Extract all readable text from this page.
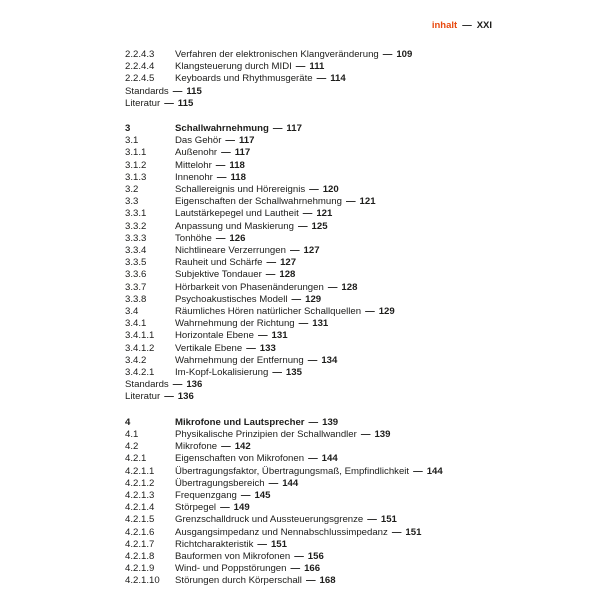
inhalt — XXI
2.2.4.3	Verfahren der elektronischen Klangveränderung — 109
2.2.4.4	Klangsteuerung durch MIDI — 111
2.2.4.5	Keyboards und Rhythmusgeräte — 114
Standards — 115
Literatur — 115
3	Schallwahrnehmung — 117
3.1	Das Gehör — 117
3.1.1	Außenohr — 117
3.1.2	Mittelohr — 118
3.1.3	Innenohr — 118
3.2	Schallereignis und Hörereignis — 120
3.3	Eigenschaften der Schallwahrnehmung — 121
3.3.1	Lautstärkepegel und Lautheit — 121
3.3.2	Anpassung und Maskierung — 125
3.3.3	Tonhöhe — 126
3.3.4	Nichtlineare Verzerrungen — 127
3.3.5	Rauheit und Schärfe — 127
3.3.6	Subjektive Tondauer — 128
3.3.7	Hörbarkeit von Phasenänderungen — 128
3.3.8	Psychoakustisches Modell — 129
3.4	Räumliches Hören natürlicher Schallquellen — 129
3.4.1	Wahrnehmung der Richtung — 131
3.4.1.1	Horizontale Ebene — 131
3.4.1.2	Vertikale Ebene — 133
3.4.2	Wahrnehmung der Entfernung — 134
3.4.2.1	Im-Kopf-Lokalisierung — 135
Standards — 136
Literatur — 136
4	Mikrofone und Lautsprecher — 139
4.1	Physikalische Prinzipien der Schallwandler — 139
4.2	Mikrofone — 142
4.2.1	Eigenschaften von Mikrofonen — 144
4.2.1.1	Übertragungsfaktor, Übertragungsmaß, Empfindlichkeit — 144
4.2.1.2	Übertragungsbereich — 144
4.2.1.3	Frequenzgang — 145
4.2.1.4	Störpegel — 149
4.2.1.5	Grenzschalldruck und Aussteuerungsgrenze — 151
4.2.1.6	Ausgangsimpedanz und Nennabschlussimpedanz — 151
4.2.1.7	Richtcharakteristik — 151
4.2.1.8	Bauformen von Mikrofonen — 156
4.2.1.9	Wind- und Poppstörungen — 166
4.2.1.10	Störungen durch Körperschall — 168
